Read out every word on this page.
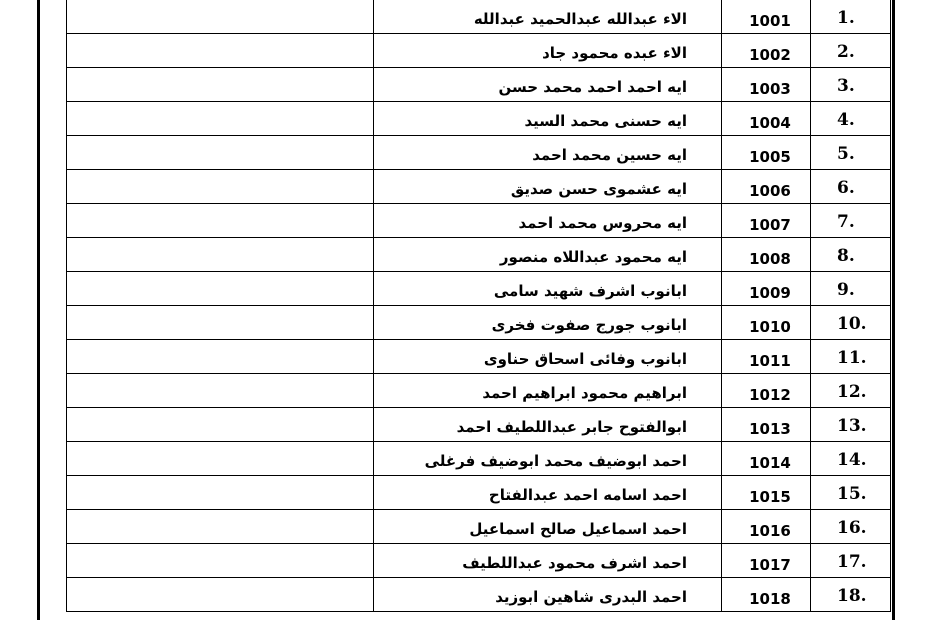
	الاء عبدالله عبدالحميد عبدالله	1001	1.
	الاء عبده محمود جاد	1002	2.
	ايه احمد احمد محمد حسن	1003	3.
	ايه حسنى محمد السيد	1004	4.
	ايه حسين محمد احمد	1005	5.
	ايه عشموى حسن صديق	1006	6.
	ايه محروس محمد احمد	1007	7.
	ايه محمود عبداللاه منصور	1008	8.
	ابانوب اشرف شهيد سامى	1009	9.
	ابانوب جورج صفوت فخرى	1010	10.
	ابانوب وفائى اسحاق حناوى	1011	11.
	ابراهيم محمود ابراهيم احمد	1012	12.
	ابوالفتوح جابر عبداللطيف احمد	1013	13.
	احمد ابوضيف محمد ابوضيف فرغلى	1014	14.
	احمد اسامه احمد عبدالفتاح	1015	15.
	احمد اسماعيل صالح اسماعيل	1016	16.
	احمد اشرف محمود عبداللطيف	1017	17.
	احمد البدرى شاهين ابوزيد	1018	18.
